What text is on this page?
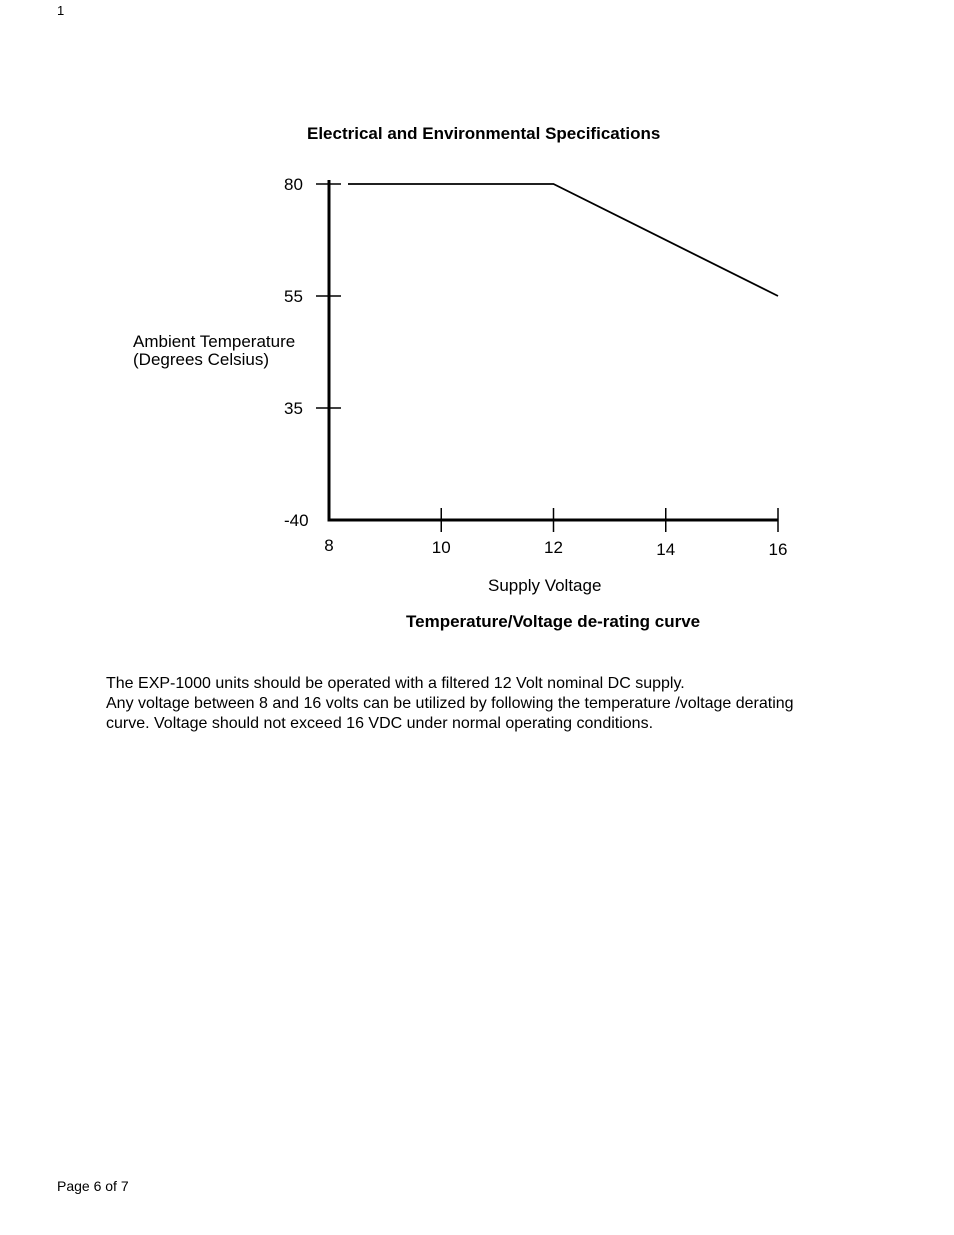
1
Electrical and Environmental Specifications
-40
35
55
80
8	10	12	14	16
Ambient Temperature
(Degrees Celsius)
Supply Voltage
Temperature/Voltage de-rating curve
The EXP-1000 units should be operated with a filtered 12 Volt nominal DC supply.
Any voltage between 8 and 16 volts can be utilized by following the temperature /voltage derating
curve. Voltage should not exceed 16 VDC under normal operating conditions.
Page 6 of 7
